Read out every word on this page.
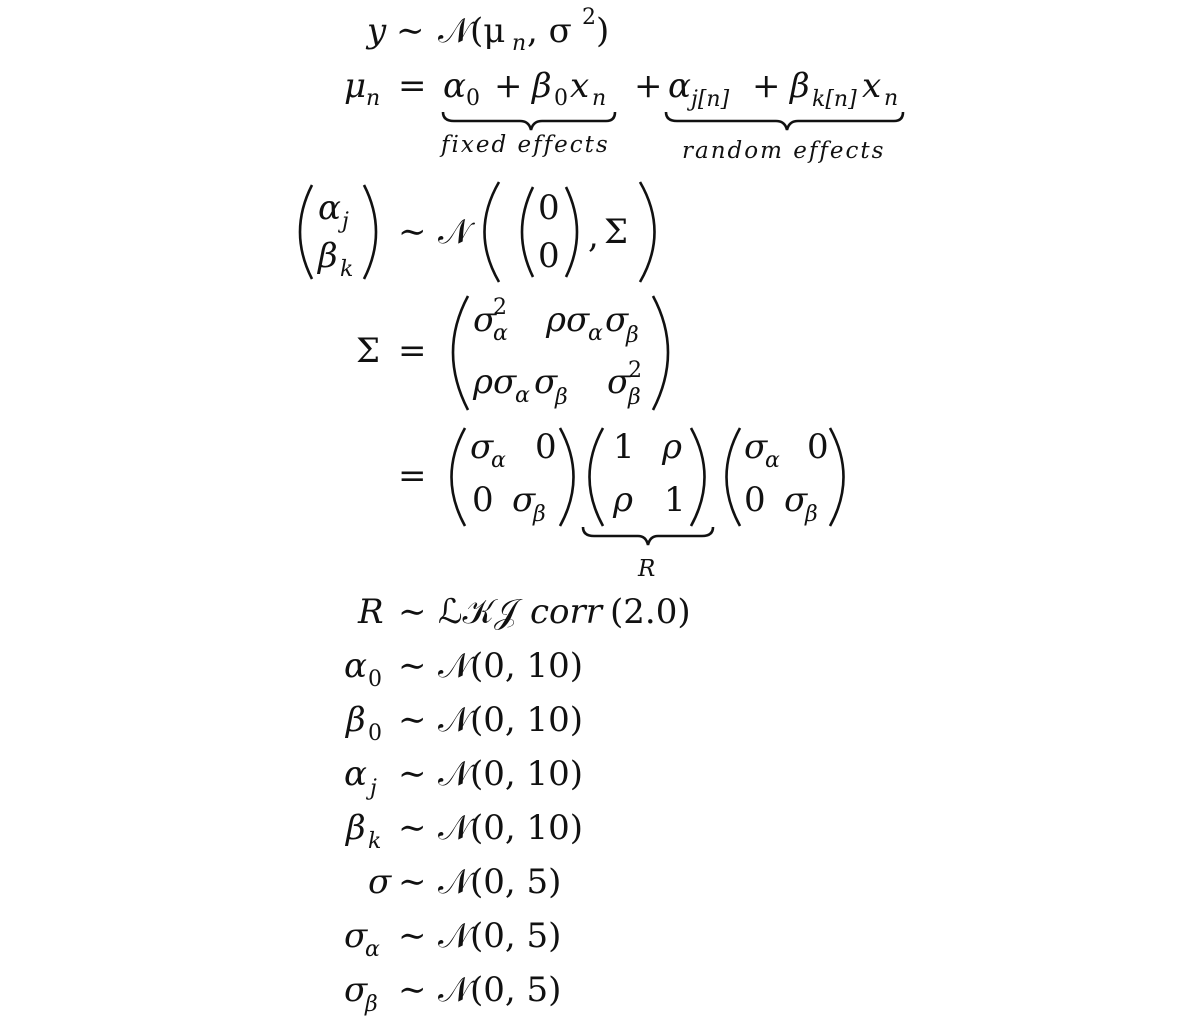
y ∼ 𝒩 (μ n , σ 2 )
μ n = α 0 + β 0 x n + α j[n] + β k[n] x n
fixed effects	random effects
α j
β k
∼ 𝒩
0
0 , Σ
Σ =
σ
α
2 ρσ
α σ
β
ρσ
α σ
β σ
β
2
=
σ
α 0
0 σ
β
1 ρ
ρ 1
σ
α 0
0 σ
β
R
R ∼ ℒ𝒦𝒥 corr (2.0)
α 0 ∼ 𝒩 (0, 10)
β 0 ∼ 𝒩 (0, 10)
α j ∼ 𝒩 (0, 10)
β k ∼ 𝒩 (0, 10)
σ ∼ 𝒩 (0, 5)
σ
α ∼ 𝒩 (0, 5)
σ
β ∼ 𝒩 (0, 5)
